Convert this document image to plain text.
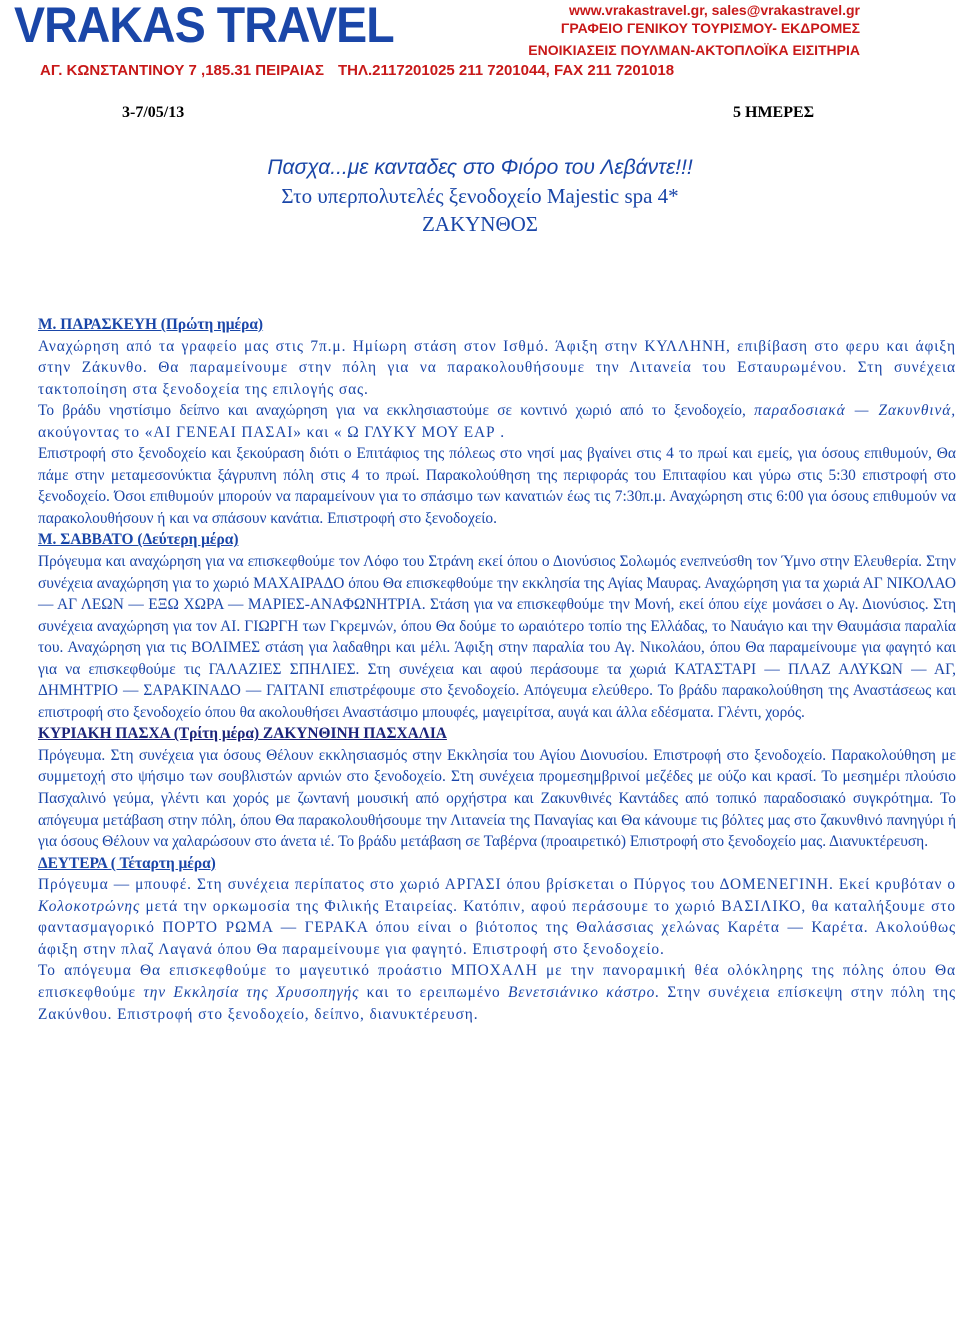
VRAKAS TRAVEL	www.vrakastravel.gr, sales@vrakastravel.gr
ΓΡΑΦΕΙΟ ΓΕΝΙΚΟΥ ΤΟΥΡΙΣΜΟΥ- ΕΚΔΡΟΜΕΣ
ΕΝΟΙΚΙΑΣΕΙΣ ΠΟΥΛΜΑΝ-ΑΚΤΟΠΛΟΪΚΑ ΕΙΣΙΤΗΡΙΑ
ΑΓ. ΚΩΝΣΤΑΝΤΙΝΟΥ 7 ,185.31 ΠΕΙΡΑΙΑΣ ΤΗΛ.2117201025 211 7201044, FAX 211 7201018
3-7/05/13	5 ΗΜΕΡΕΣ
Πασχα...με κανταδες στο Φιόρο του Λεβάντε!!!
Στο υπερπολυτελές ξενοδοχείο Majestic spa 4*
ΖΑΚΥΝΘΟΣ

Μ. ΠΑΡΑΣΚΕΥΗ (Πρώτη ημέρα)

Αναχώρηση από τα γραφείο μας στις 7π.μ. Ημίωρη στάση στον Ισθμό. Άφιξη στην ΚΥΛΛΗΝΗ, επιβίβαση στο φερυ και άφιξη στην Ζάκυνθο. Θα παραμείνουμε στην πόλη για να παρακολουθήσουμε την Λιτανεία του Εσταυρωμένου. Στη συνέχεια τακτοποίηση στα ξενοδοχεία της επιλογής σας.

Το βράδυ νηστίσιμο δείπνο και αναχώρηση για να εκκλησιαστούμε σε κοντινό χωριό από το ξενοδοχείο, παραδοσιακά — Ζακυνθινά, ακούγοντας το «ΑΙ ΓΕΝΕΑΙ ΠΑΣΑΙ» και « Ω ΓΛΥΚΥ ΜΟΥ ΕΑΡ .

Επιστροφή στο ξενοδοχείο και ξεκούραση διότι ο Επιτάφιος της πόλεως στο νησί μας βγαίνει στις 4 το πρωί και εμείς, για όσους επιθυμούν, Θα πάμε στην μεταμεσονύκτια ξάγρυπνη πόλη στις 4 το πρωί. Παρακολούθηση της περιφοράς του Επιταφίου και γύρω στις 5:30 επιστροφή στο ξενοδοχείο. Όσοι επιθυμούν μπορούν να παραμείνουν για το σπάσιμο των κανατιών έως τις 7:30π.μ. Αναχώρηση στις 6:00 για όσους επιθυμούν να παρακολουθήσουν ή και να σπάσουν κανάτια. Επιστροφή στο ξενοδοχείο.

Μ. ΣΑΒΒΑΤΟ (Δεύτερη μέρα)

Πρόγευμα και αναχώρηση για να επισκεφθούμε τον Λόφο του Στράνη εκεί όπου ο Διονύσιος Σολωμός ενεπνεύσθη τον Ύμνο στην Ελευθερία. Στην συνέχεια αναχώρηση για το χωριό ΜΑΧΑΙΡΑΔΟ όπου Θα επισκεφθούμε την εκκλησία της Αγίας Μαυρας. Αναχώρηση για τα χωριά ΑΓ ΝΙΚΟΛΑΟ — ΑΓ ΛΕΩΝ — ΕΞΩ ΧΩΡΑ — ΜΑΡΙΕΣ-ΑΝΑΦΩΝΗΤΡΙΑ. Στάση για να επισκεφθούμε την Μονή, εκεί όπου είχε μονάσει ο Αγ. Διονύσιος. Στη συνέχεια αναχώρηση για τον ΑΙ. ΓΙΩΡΓΗ των Γκρεμνών, όπου Θα δούμε το ωραιότερο τοπίο της Ελλάδας, το Ναυάγιο και την Θαυμάσια παραλία του. Αναχώρηση για τις ΒΟΛΙΜΕΣ στάση για λαδαθηρι και μέλι. Άφιξη στην παραλία του Αγ. Νικολάου, όπου Θα παραμείνουμε για φαγητό και για να επισκεφθούμε τις ΓΑΛΑΖΙΕΣ ΣΠΗΛΙΕΣ. Στη συνέχεια και αφού περάσουμε τα χωριά ΚΑΤΑΣΤΑΡΙ — ΠΛΑΖ ΑΛΥΚΩΝ — ΑΓ, ΔΗΜΗΤΡΙΟ — ΣΑΡΑΚΙΝΑΔΟ — ΓΑΙΤΑΝΙ επιστρέφουμε στο ξενοδοχείο. Απόγευμα ελεύθερο. Το βράδυ παρακολούθηση της Αναστάσεως και επιστροφή στο ξενοδοχείο όπου θα ακολουθήσει Αναστάσιμο μπουφές, μαγειρίτσα, αυγά και άλλα εδέσματα. Γλέντι, χορός.

ΚΥΡΙΑΚΗ ΠΑΣΧΑ (Τρίτη μέρα) ΖΑΚΥΝΘΙΝΗ ΠΑΣΧΑΛΙΑ

Πρόγευμα. Στη συνέχεια για όσους Θέλουν εκκλησιασμός στην Εκκλησία του Αγίου Διονυσίου. Επιστροφή στο ξενοδοχείο. Παρακολούθηση με συμμετοχή στο ψήσιμο των σουβλιστών αρνιών στο ξενοδοχείο. Στη συνέχεια προμεσημβρινοί μεζέδες με ούζο και κρασί. Το μεσημέρι πλούσιο Πασχαλινό γεύμα, γλέντι και χορός με ζωντανή μουσική από ορχήστρα και Ζακυνθινές Καντάδες από τοπικό παραδοσιακό συγκρότημα. Το απόγευμα μετάβαση στην πόλη, όπου Θα παρακολουθήσουμε την Λιτανεία της Παναγίας και Θα κάνουμε τις βόλτες μας στο ζακυνθινό πανηγύρι ή για όσους Θέλουν να χαλαρώσουν στο άνετα ιέ. Το βράδυ μετάβαση σε Ταβέρνα (προαιρετικό) Επιστροφή στο ξενοδοχείο μας. Διανυκτέρευση.

ΔΕΥΤΕΡΑ ( Τέταρτη μέρα)

Πρόγευμα — μπουφέ. Στη συνέχεια περίπατος στο χωριό ΑΡΓΑΣΙ όπου βρίσκεται ο Πύργος του ΔΟΜΕΝΕΓΙΝΗ. Εκεί κρυβόταν ο Κολοκοτρώνης μετά την ορκωμοσία της Φιλικής Εταιρείας. Κατόπιν, αφού περάσουμε το χωριό ΒΑΣΙΛΙΚΟ, θα καταλήξουμε στο φαντασμαγορικό ΠΟΡΤΟ ΡΩΜΑ — ΓΕΡΑΚΑ όπου είναι ο βιότοπος της Θαλάσσιας χελώνας Καρέτα — Καρέτα. Ακολούθως άφιξη στην πλαζ Λαγανά όπου Θα παραμείνουμε για φαγητό. Επιστροφή στο ξενοδοχείο.

Το απόγευμα Θα επισκεφθούμε το μαγευτικό προάστιο ΜΠΟΧΑΛΗ με την πανοραμική θέα ολόκληρης της πόλης όπου Θα επισκεφθούμε την Εκκλησία της Χρυσοπηγής και το ερειπωμένο Βενετσιάνικο κάστρο. Στην συνέχεια επίσκεψη στην πόλη της Ζακύνθου. Επιστροφή στο ξενοδοχείο, δείπνο, διανυκτέρευση.
